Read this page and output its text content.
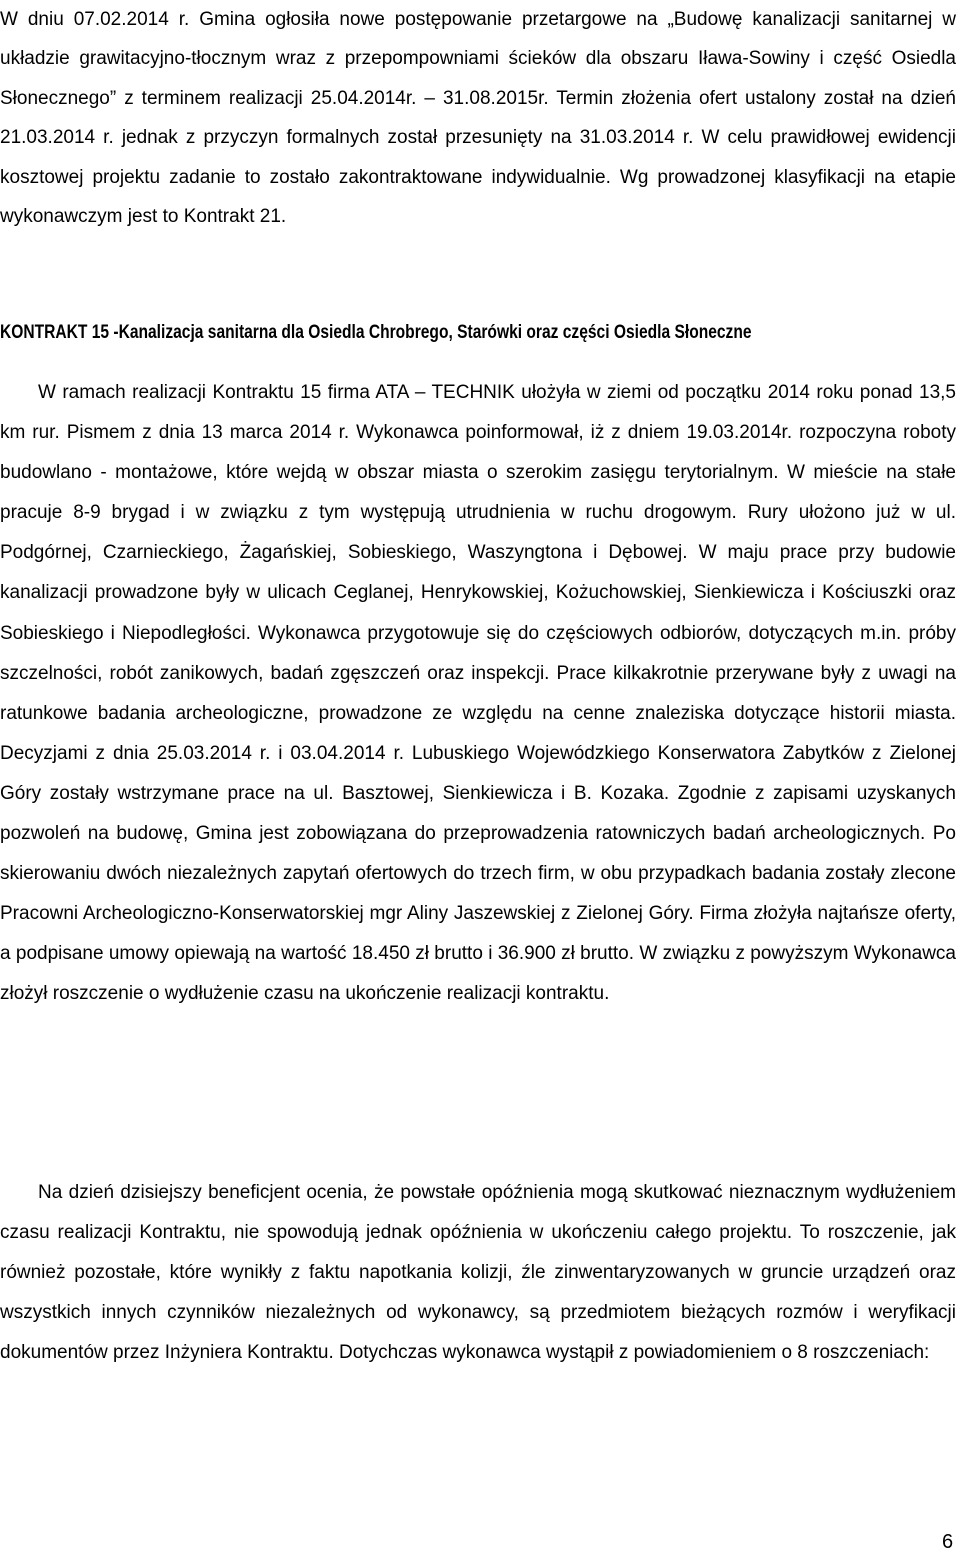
W dniu 07.02.2014 r. Gmina ogłosiła nowe postępowanie przetargowe na „Budowę kanalizacji sanitarnej w układzie grawitacyjno-tłocznym wraz z przepompowniami ścieków dla obszaru Iława-Sowiny i część Osiedla Słonecznego” z terminem realizacji 25.04.2014r. – 31.08.2015r. Termin złożenia ofert ustalony został na dzień 21.03.2014 r. jednak z przyczyn formalnych został przesunięty na 31.03.2014 r. W celu prawidłowej ewidencji kosztowej projektu zadanie to zostało zakontraktowane indywidualnie. Wg prowadzonej klasyfikacji na etapie wykonawczym jest to Kontrakt 21.

KONTRAKT 15 -Kanalizacja sanitarna dla Osiedla Chrobrego, Starówki oraz części Osiedla Słoneczne

W ramach realizacji Kontraktu 15 firma ATA – TECHNIK ułożyła w ziemi od początku 2014 roku ponad 13,5 km rur. Pismem z dnia 13 marca 2014 r. Wykonawca poinformował, iż z dniem 19.03.2014r. rozpoczyna roboty budowlano - montażowe, które wejdą w obszar miasta o szerokim zasięgu terytorialnym. W mieście na stałe pracuje 8-9 brygad i w związku z tym występują utrudnienia w ruchu drogowym. Rury ułożono już w ul. Podgórnej, Czarnieckiego, Żagańskiej, Sobieskiego, Waszyngtona i Dębowej. W maju prace przy budowie kanalizacji prowadzone były w ulicach Ceglanej, Henrykowskiej, Kożuchowskiej, Sienkiewicza i Kościuszki oraz Sobieskiego i Niepodległości. Wykonawca przygotowuje się do częściowych odbiorów, dotyczących m.in. próby szczelności, robót zanikowych, badań zgęszczeń oraz inspekcji. Prace kilkakrotnie przerywane były z uwagi na ratunkowe badania archeologiczne, prowadzone ze względu na cenne znaleziska dotyczące historii miasta. Decyzjami z dnia 25.03.2014 r. i 03.04.2014 r. Lubuskiego Wojewódzkiego Konserwatora Zabytków z Zielonej Góry zostały wstrzymane prace na ul. Basztowej, Sienkiewicza i B. Kozaka. Zgodnie z zapisami uzyskanych pozwoleń na budowę, Gmina jest zobowiązana do przeprowadzenia ratowniczych badań archeologicznych. Po skierowaniu dwóch niezależnych zapytań ofertowych do trzech firm, w obu przypadkach badania zostały zlecone Pracowni Archeologiczno-Konserwatorskiej mgr Aliny Jaszewskiej z Zielonej Góry. Firma złożyła najtańsze oferty, a podpisane umowy opiewają na wartość 18.450 zł brutto i 36.900 zł brutto. W związku z powyższym Wykonawca złożył roszczenie o wydłużenie czasu na ukończenie realizacji kontraktu.

Na dzień dzisiejszy beneficjent ocenia, że powstałe opóźnienia mogą skutkować nieznacznym wydłużeniem czasu realizacji Kontraktu, nie spowodują jednak opóźnienia w ukończeniu całego projektu. To roszczenie, jak również pozostałe, które wynikły z faktu napotkania kolizji, źle zinwentaryzowanych w gruncie urządzeń oraz wszystkich innych czynników niezależnych od wykonawcy, są przedmiotem bieżących rozmów i weryfikacji dokumentów przez Inżyniera Kontraktu. Dotychczas wykonawca wystąpił z powiadomieniem o 8 roszczeniach:

6
